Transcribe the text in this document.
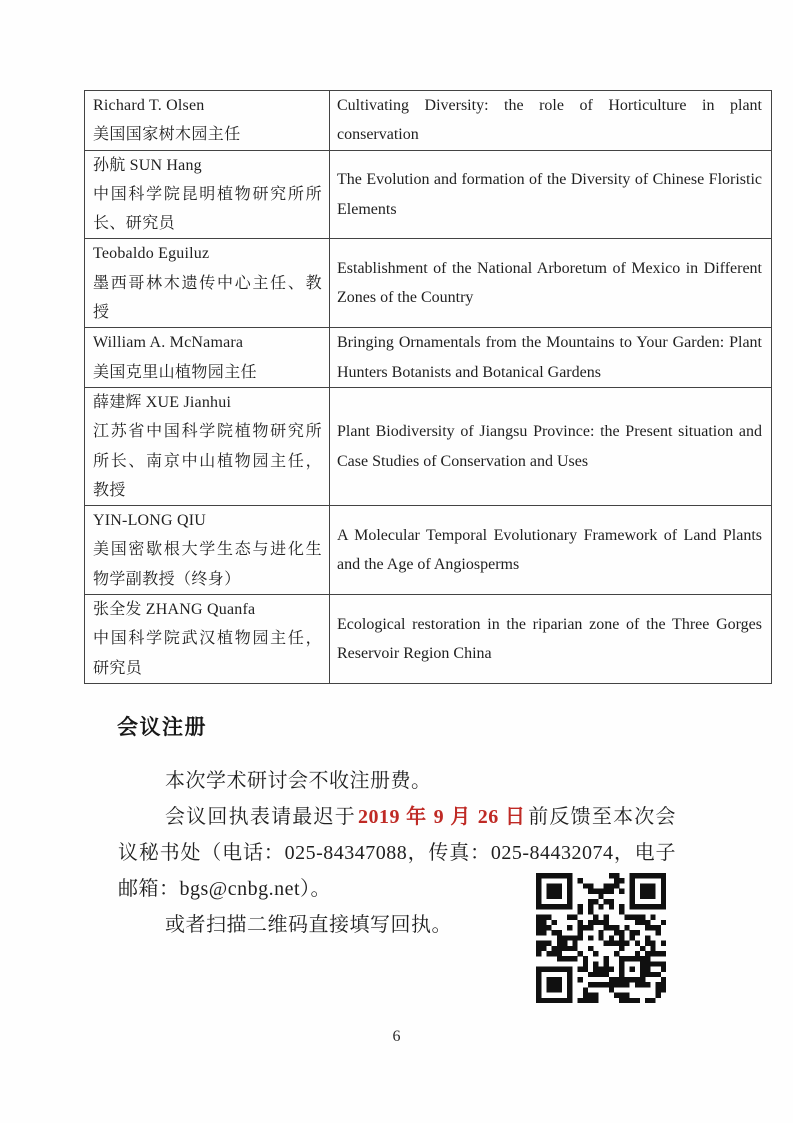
Richard T. Olsen
美国国家树木园主任	Cultivating Diversity: the role of Horticulture in plant conservation

孙航 SUN Hang
中国科学院昆明植物研究所所长、研究员	The Evolution and formation of the Diversity of Chinese Floristic Elements

Teobaldo Eguiluz
墨西哥林木遗传中心主任、教授	Establishment of the National Arboretum of Mexico in Different Zones of the Country

William A. McNamara
美国克里山植物园主任	Bringing Ornamentals from the Mountains to Your Garden: Plant Hunters Botanists and Botanical Gardens

薛建辉 XUE Jianhui
江苏省中国科学院植物研究所所长、南京中山植物园主任，教授	Plant Biodiversity of Jiangsu Province: the Present situation and Case Studies of Conservation and Uses

YIN-LONG QIU
美国密歇根大学生态与进化生物学副教授（终身）	A Molecular Temporal Evolutionary Framework of Land Plants and the Age of Angiosperms

张全发 ZHANG Quanfa
中国科学院武汉植物园主任，研究员	Ecological restoration in the riparian zone of the Three Gorges Reservoir Region China
会议注册

本次学术研讨会不收注册费。

会议回执表请最迟于 2019 年 9 月 26 日 前反馈至本次会议秘书处（电话：025-84347088，传真：025-84432074，电子邮箱：bgs@cnbg.net）。

或者扫描二维码直接填写回执。

6
